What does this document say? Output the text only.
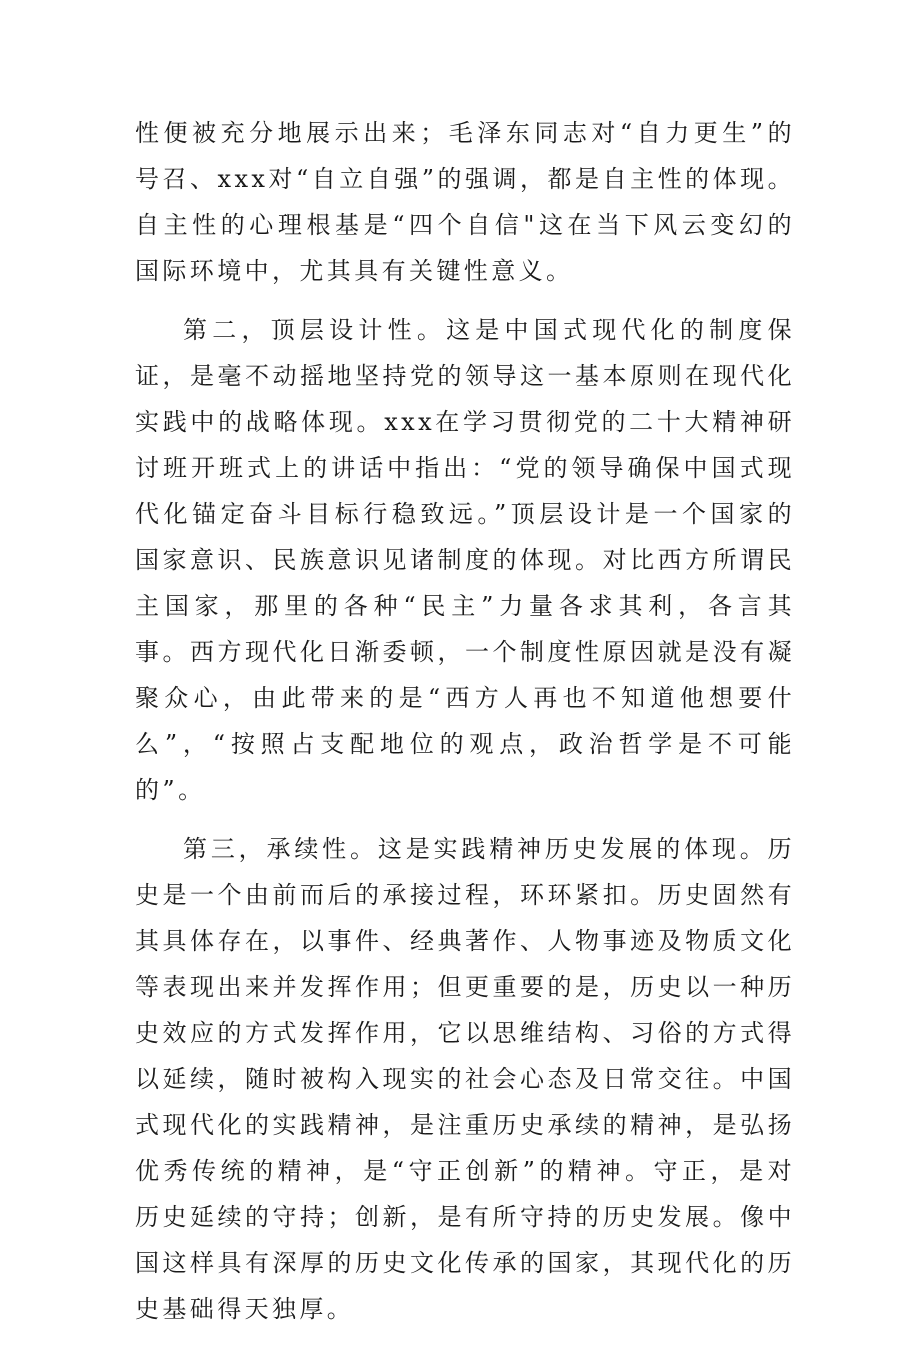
性便被充分地展示出来；毛泽东同志对“自力更生”的号召、xxx对“自立自强”的强调，都是自主性的体现。自主性的心理根基是“四个自信"这在当下风云变幻的国际环境中，尤其具有关键性意义。

第二，顶层设计性。这是中国式现代化的制度保证，是毫不动摇地坚持党的领导这一基本原则在现代化实践中的战略体现。xxx在学习贯彻党的二十大精神研讨班开班式上的讲话中指出：“党的领导确保中国式现代化锚定奋斗目标行稳致远。”顶层设计是一个国家的国家意识、民族意识见诸制度的体现。对比西方所谓民主国家，那里的各种“民主”力量各求其利，各言其事。西方现代化日渐委顿，一个制度性原因就是没有凝聚众心，由此带来的是“西方人再也不知道他想要什么”，“按照占支配地位的观点，政治哲学是不可能的”。

第三，承续性。这是实践精神历史发展的体现。历史是一个由前而后的承接过程，环环紧扣。历史固然有其具体存在，以事件、经典著作、人物事迹及物质文化等表现出来并发挥作用；但更重要的是，历史以一种历史效应的方式发挥作用，它以思维结构、习俗的方式得以延续，随时被构入现实的社会心态及日常交往。中国式现代化的实践精神，是注重历史承续的精神，是弘扬优秀传统的精神，是“守正创新”的精神。守正，是对历史延续的守持；创新，是有所守持的历史发展。像中国这样具有深厚的历史文化传承的国家，其现代化的历史基础得天独厚。
